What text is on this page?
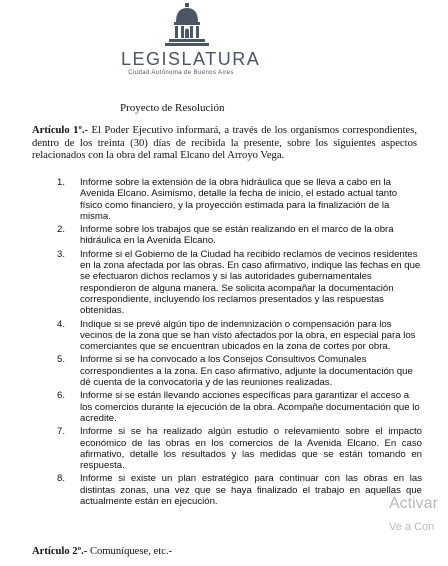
LEGISLATURA
Ciudad Autónoma de Buenos Aires
Proyecto de Resolución
Artículo 1º.- El Poder Ejecutivo informará, a través de los organismos correspondientes, dentro de los treinta (30) días de recibida la presente, sobre los siguientes aspectos relacionados con la obra del ramal Elcano del Arroyo Vega.
1. Informe sobre la extensión de la obra hidráulica que se lleva a cabo en la Avenida Elcano. Asimismo, detalle la fecha de inicio, el estado actual tanto físico como financiero, y la proyección estimada para la finalización de la misma.
2. Informe sobre los trabajos que se están realizando en el marco de la obra hidráulica en la Avenida Elcano.
3. Informe si el Gobierno de la Ciudad ha recibido reclamos de vecinos residentes en la zona afectada por las obras. En caso afirmativo, indique las fechas en que se efectuaron dichos reclamos y si las autoridades gubernamentales respondieron de alguna manera. Se solicita acompañar la documentación correspondiente, incluyendo los reclamos presentados y las respuestas obtenidas.
4. Indique si se prevé algún tipo de indemnización o compensación para los vecinos de la zona que se han visto afectados por la obra, en especial para los comerciantes que se encuentran ubicados en la zona de cortes por obra.
5. Informe si se ha convocado a los Consejos Consultivos Comunales correspondientes a la zona. En caso afirmativo, adjunte la documentación que dé cuenta de la convocatoria y de las reuniones realizadas.
6. Informe si se están llevando acciones específicas para garantizar el acceso a los comercios durante la ejecución de la obra. Acompañe documentación que lo acredite.
7. Informe si se ha realizado algún estudio o relevamiento sobre el impacto económico de las obras en los comercios de la Avenida Elcano. En caso afirmativo, detalle los resultados y las medidas que se están tomando en respuesta.
8. Informe si existe un plan estratégico para continuar con las obras en las distintas zonas, una vez que se haya finalizado el trabajo en aquellas que actualmente están en ejecución.
Artículo 2º.- Comuníquese, etc.-
Activar
Ve a Con
